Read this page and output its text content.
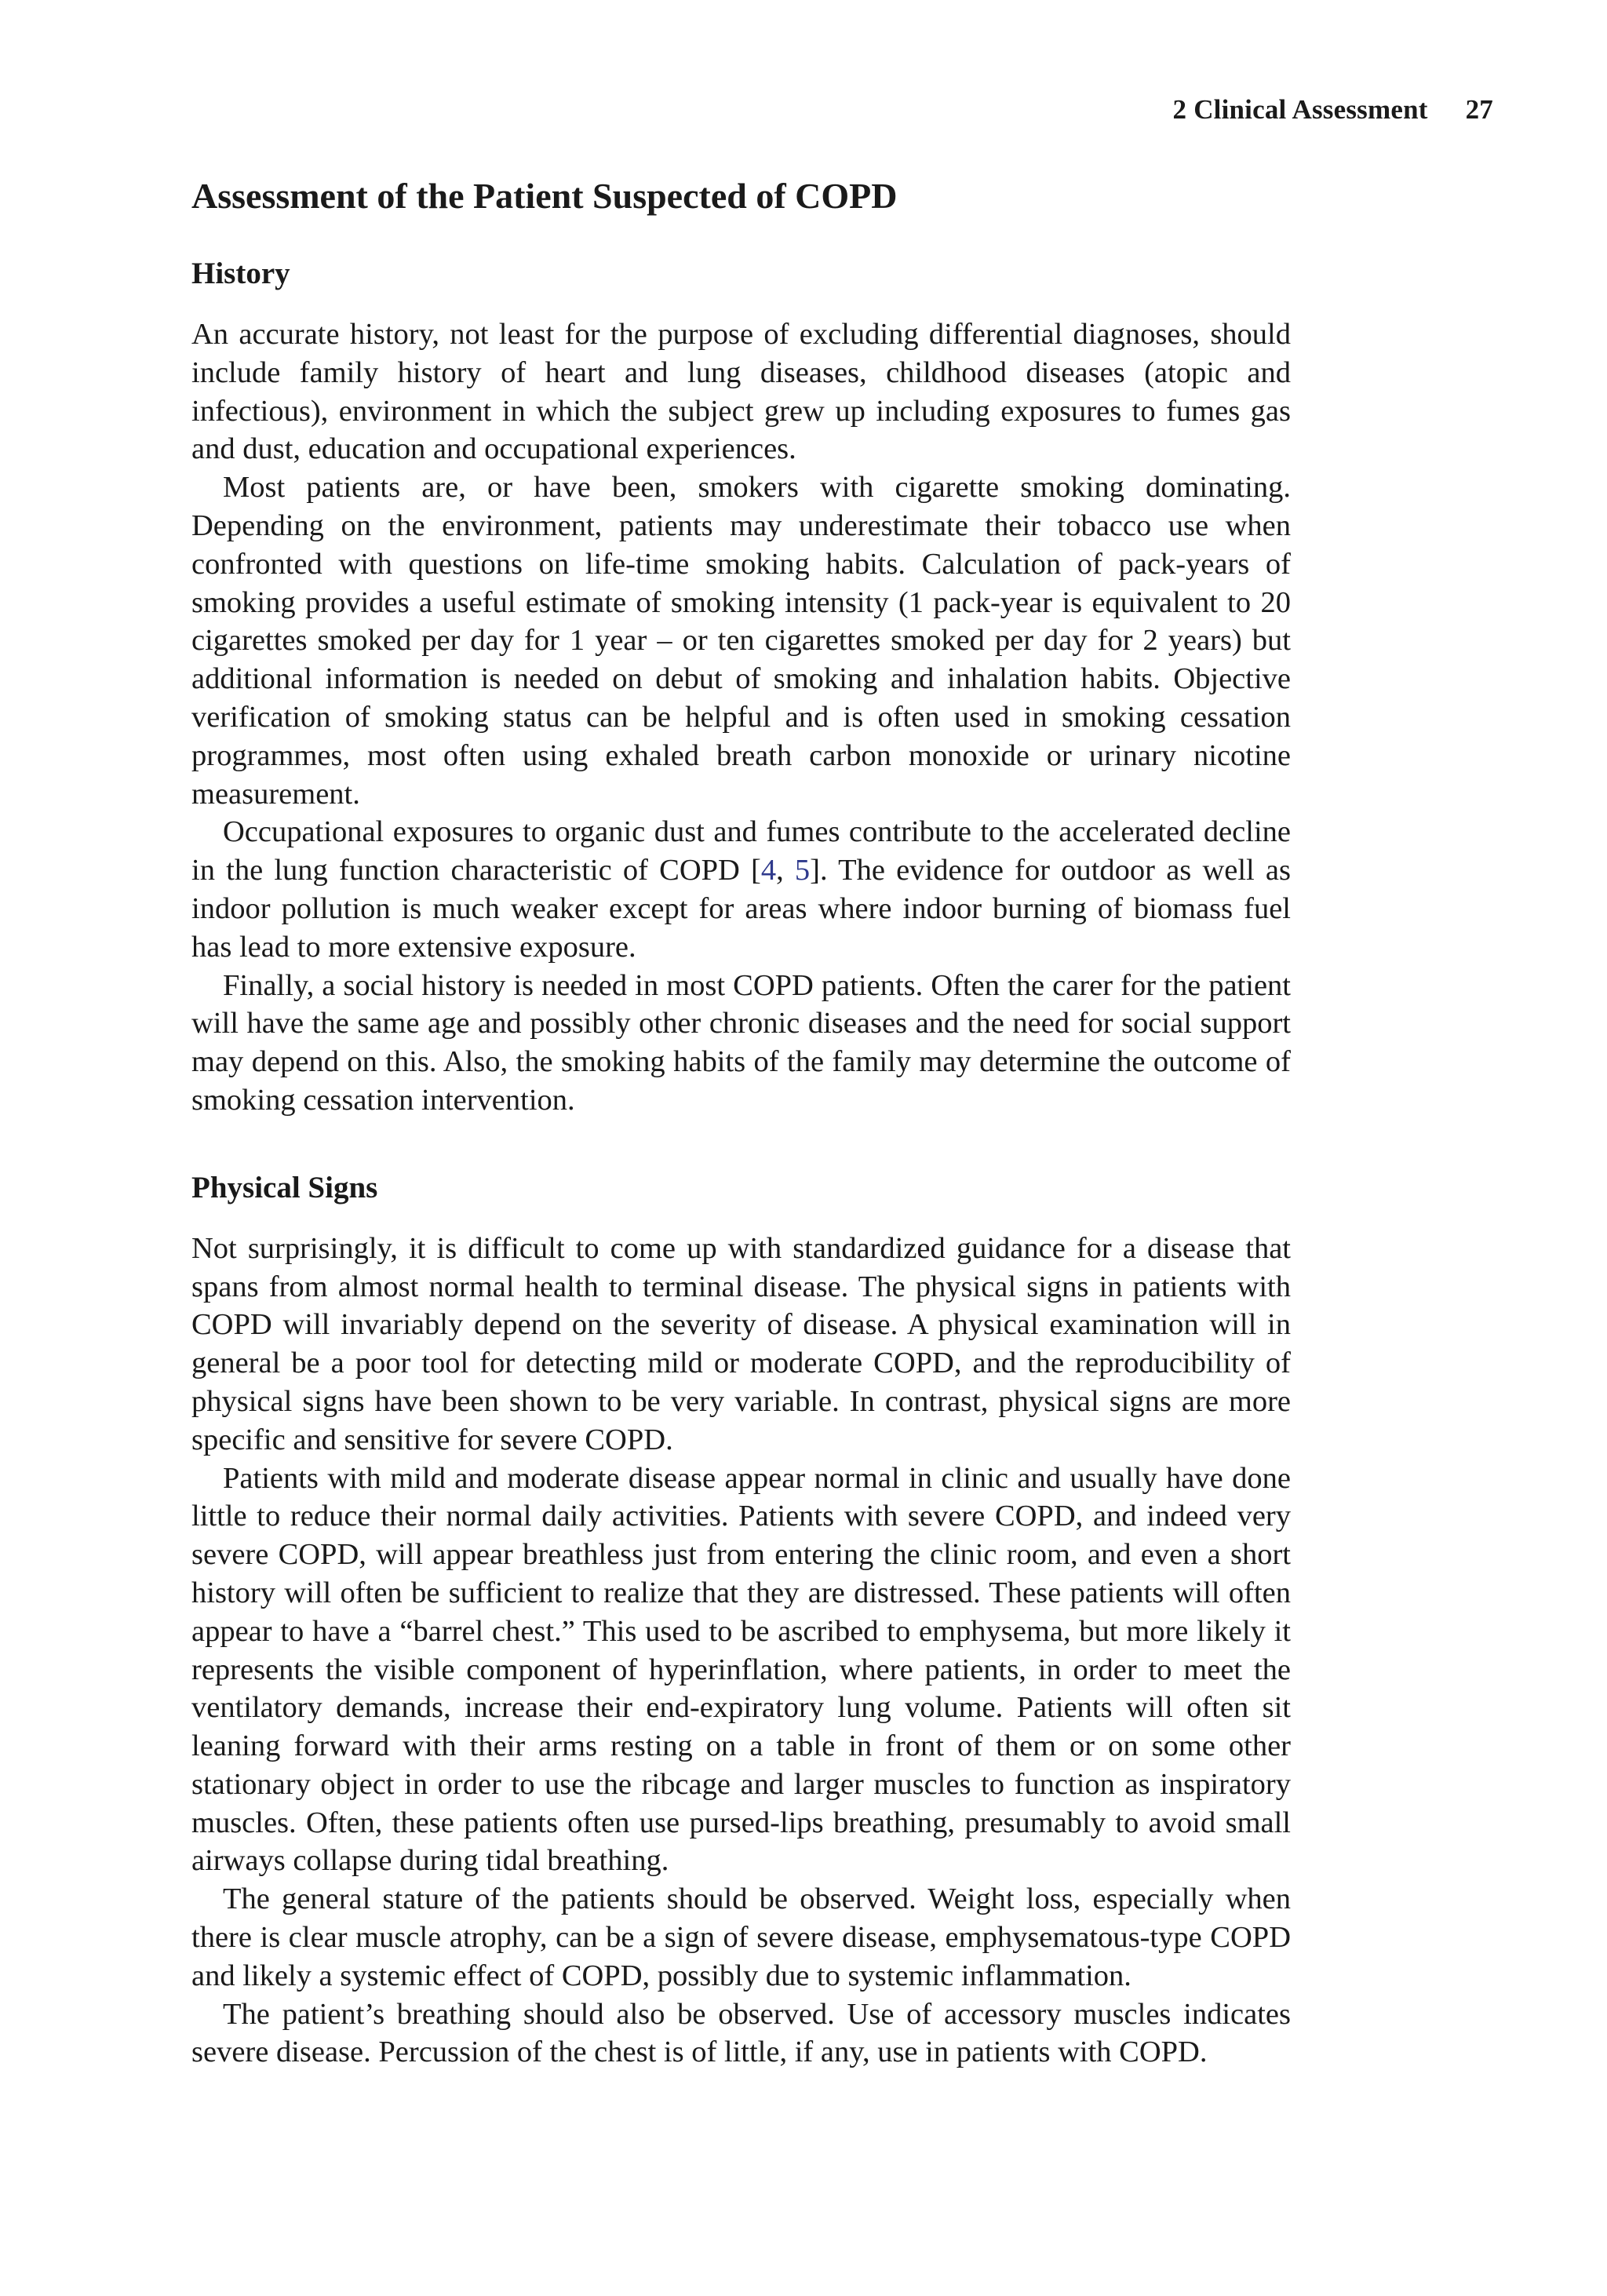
2 Clinical Assessment 27
Assessment of the Patient Suspected of COPD
History

An accurate history, not least for the purpose of excluding differential diagnoses, should include family history of heart and lung diseases, childhood diseases (atopic and infectious), environment in which the subject grew up including exposures to fumes gas and dust, education and occupational experiences.

Most patients are, or have been, smokers with cigarette smoking dominating. Depending on the environment, patients may underestimate their tobacco use when confronted with questions on life-time smoking habits. Calculation of pack-years of smoking provides a useful estimate of smoking intensity (1 pack-year is equivalent to 20 cigarettes smoked per day for 1 year – or ten cigarettes smoked per day for 2 years) but additional information is needed on debut of smoking and inhalation habits. Objective verification of smoking status can be helpful and is often used in smoking cessation programmes, most often using exhaled breath carbon monoxide or urinary nicotine measurement.

Occupational exposures to organic dust and fumes contribute to the accelerated decline in the lung function characteristic of COPD [4, 5]. The evidence for outdoor as well as indoor pollution is much weaker except for areas where indoor burning of biomass fuel has lead to more extensive exposure.

Finally, a social history is needed in most COPD patients. Often the carer for the patient will have the same age and possibly other chronic diseases and the need for social support may depend on this. Also, the smoking habits of the family may determine the outcome of smoking cessation intervention.

Physical Signs

Not surprisingly, it is difficult to come up with standardized guidance for a disease that spans from almost normal health to terminal disease. The physical signs in patients with COPD will invariably depend on the severity of disease. A physical examination will in general be a poor tool for detecting mild or moderate COPD, and the reproducibility of physical signs have been shown to be very variable. In contrast, physical signs are more specific and sensitive for severe COPD.

Patients with mild and moderate disease appear normal in clinic and usually have done little to reduce their normal daily activities. Patients with severe COPD, and indeed very severe COPD, will appear breathless just from entering the clinic room, and even a short history will often be sufficient to realize that they are distressed. These patients will often appear to have a “barrel chest.” This used to be ascribed to emphysema, but more likely it represents the visible component of hyperinflation, where patients, in order to meet the ventilatory demands, increase their end-expiratory lung volume. Patients will often sit leaning forward with their arms resting on a table in front of them or on some other stationary object in order to use the ribcage and larger muscles to function as inspiratory muscles. Often, these patients often use pursed-lips breathing, presumably to avoid small airways collapse during tidal breathing.

The general stature of the patients should be observed. Weight loss, especially when there is clear muscle atrophy, can be a sign of severe disease, emphysematous-type COPD and likely a systemic effect of COPD, possibly due to systemic inflammation.

The patient’s breathing should also be observed. Use of accessory muscles indicates severe disease. Percussion of the chest is of little, if any, use in patients with COPD.
